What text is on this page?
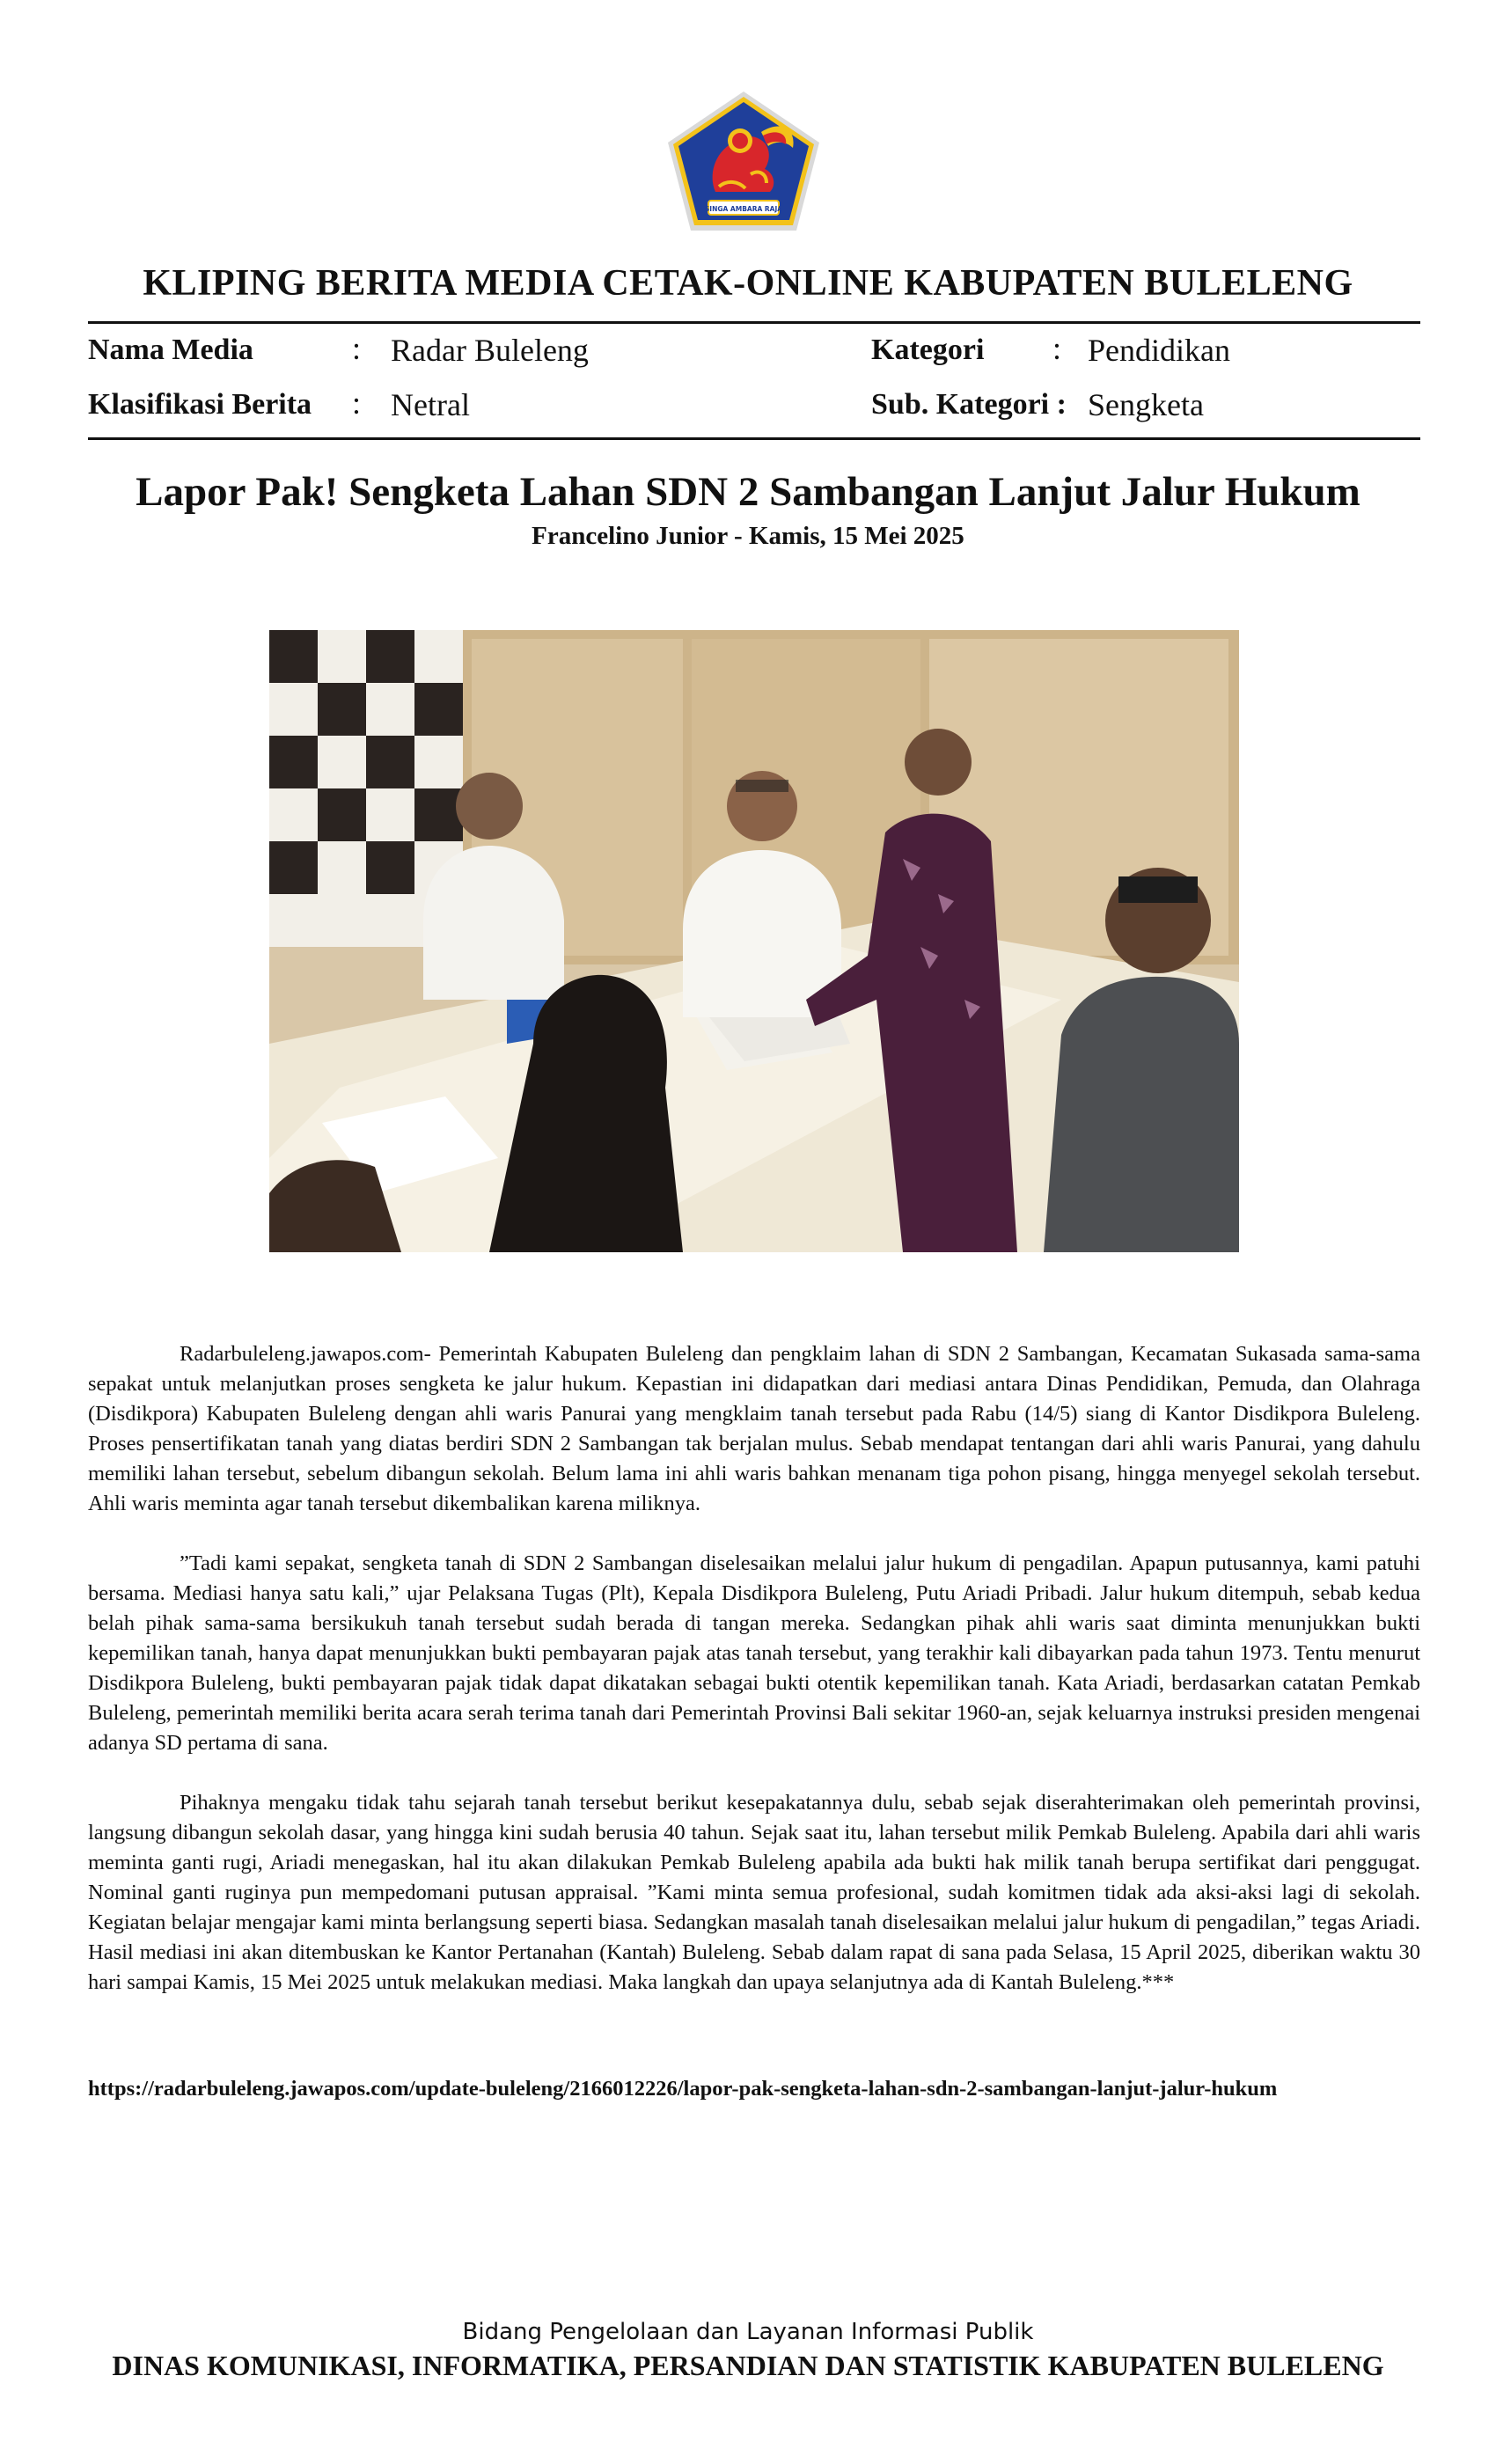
SINGA AMBARA RAJA
KLIPING BERITA MEDIA CETAK-ONLINE KABUPATEN BULELENG
Nama Media	: Radar Buleleng
Klasifikasi Berita : Netral
Kategori : Pendidikan
Sub. Kategori : Sengketa
Lapor Pak! Sengketa Lahan SDN 2 Sambangan Lanjut Jalur Hukum
Francelino Junior - Kamis, 15 Mei 2025

Radarbuleleng.jawapos.com- Pemerintah Kabupaten Buleleng dan pengklaim lahan di SDN 2 Sambangan, Kecamatan Sukasada sama-sama sepakat untuk melanjutkan proses sengketa ke jalur hukum. Kepastian ini didapatkan dari mediasi antara Dinas Pendidikan, Pemuda, dan Olahraga (Disdikpora) Kabupaten Buleleng dengan ahli waris Panurai yang mengklaim tanah tersebut pada Rabu (14/5) siang di Kantor Disdikpora Buleleng. Proses pensertifikatan tanah yang diatas berdiri SDN 2 Sambangan tak berjalan mulus. Sebab mendapat tentangan dari ahli waris Panurai, yang dahulu memiliki lahan tersebut, sebelum dibangun sekolah. Belum lama ini ahli waris bahkan menanam tiga pohon pisang, hingga menyegel sekolah tersebut. Ahli waris meminta agar tanah tersebut dikembalikan karena miliknya.

”Tadi kami sepakat, sengketa tanah di SDN 2 Sambangan diselesaikan melalui jalur hukum di pengadilan. Apapun putusannya, kami patuhi bersama. Mediasi hanya satu kali,” ujar Pelaksana Tugas (Plt), Kepala Disdikpora Buleleng, Putu Ariadi Pribadi. Jalur hukum ditempuh, sebab kedua belah pihak sama-sama bersikukuh tanah tersebut sudah berada di tangan mereka. Sedangkan pihak ahli waris saat diminta menunjukkan bukti kepemilikan tanah, hanya dapat menunjukkan bukti pembayaran pajak atas tanah tersebut, yang terakhir kali dibayarkan pada tahun 1973. Tentu menurut Disdikpora Buleleng, bukti pembayaran pajak tidak dapat dikatakan sebagai bukti otentik kepemilikan tanah. Kata Ariadi, berdasarkan catatan Pemkab Buleleng, pemerintah memiliki berita acara serah terima tanah dari Pemerintah Provinsi Bali sekitar 1960-an, sejak keluarnya instruksi presiden mengenai adanya SD pertama di sana.

Pihaknya mengaku tidak tahu sejarah tanah tersebut berikut kesepakatannya dulu, sebab sejak diserahterimakan oleh pemerintah provinsi, langsung dibangun sekolah dasar, yang hingga kini sudah berusia 40 tahun. Sejak saat itu, lahan tersebut milik Pemkab Buleleng. Apabila dari ahli waris meminta ganti rugi, Ariadi menegaskan, hal itu akan dilakukan Pemkab Buleleng apabila ada bukti hak milik tanah berupa sertifikat dari penggugat. Nominal ganti ruginya pun mempedomani putusan appraisal. ”Kami minta semua profesional, sudah komitmen tidak ada aksi-aksi lagi di sekolah. Kegiatan belajar mengajar kami minta berlangsung seperti biasa. Sedangkan masalah tanah diselesaikan melalui jalur hukum di pengadilan,” tegas Ariadi. Hasil mediasi ini akan ditembuskan ke Kantor Pertanahan (Kantah) Buleleng. Sebab dalam rapat di sana pada Selasa, 15 April 2025, diberikan waktu 30 hari sampai Kamis, 15 Mei 2025 untuk melakukan mediasi. Maka langkah dan upaya selanjutnya ada di Kantah Buleleng.***

https://radarbuleleng.jawapos.com/update-buleleng/2166012226/lapor-pak-sengketa-lahan-sdn-2-sambangan-lanjut-jalur-hukum
Bidang Pengelolaan dan Layanan Informasi Publik
DINAS KOMUNIKASI, INFORMATIKA, PERSANDIAN DAN STATISTIK KABUPATEN BULELENG
